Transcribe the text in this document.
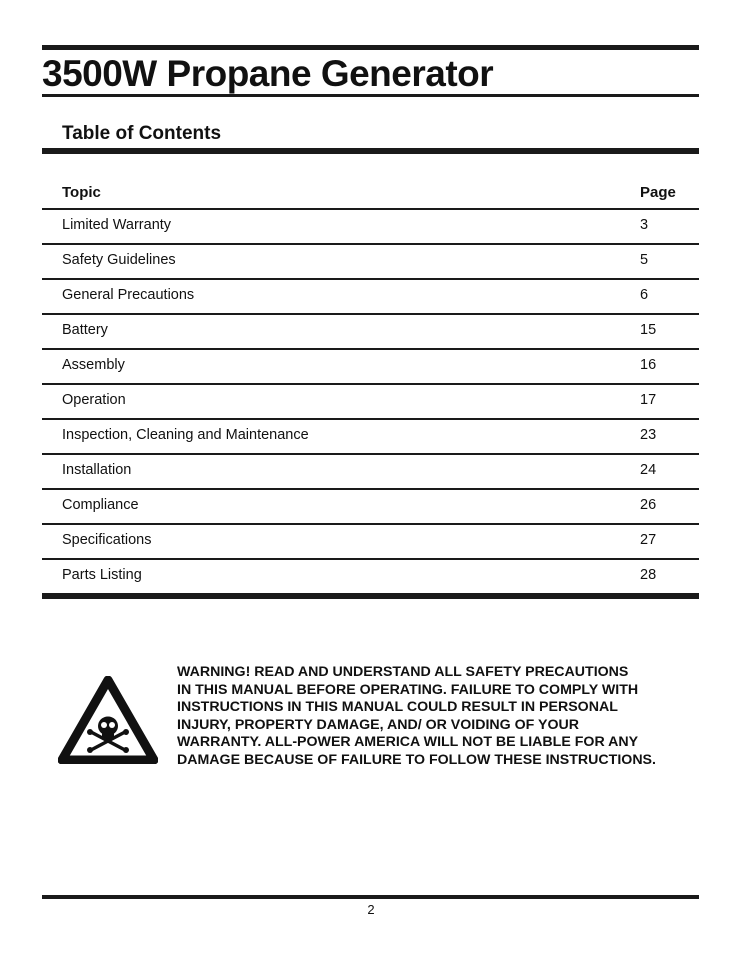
3500W Propane Generator
Table of Contents
Topic	Page
Limited Warranty	3
Safety Guidelines	5
General Precautions	6
Battery	15
Assembly	16
Operation	17
Inspection, Cleaning and Maintenance	23
Installation	24
Compliance	26
Specifications	27
Parts Listing	28
WARNING! READ AND UNDERSTAND ALL SAFETY PRECAUTIONS
IN THIS MANUAL BEFORE OPERATING. FAILURE TO COMPLY WITH
INSTRUCTIONS IN THIS MANUAL COULD RESULT IN PERSONAL
INJURY, PROPERTY DAMAGE, AND/ OR VOIDING OF YOUR
WARRANTY. ALL-POWER AMERICA WILL NOT BE LIABLE FOR ANY
DAMAGE BECAUSE OF FAILURE TO FOLLOW THESE INSTRUCTIONS.
2
